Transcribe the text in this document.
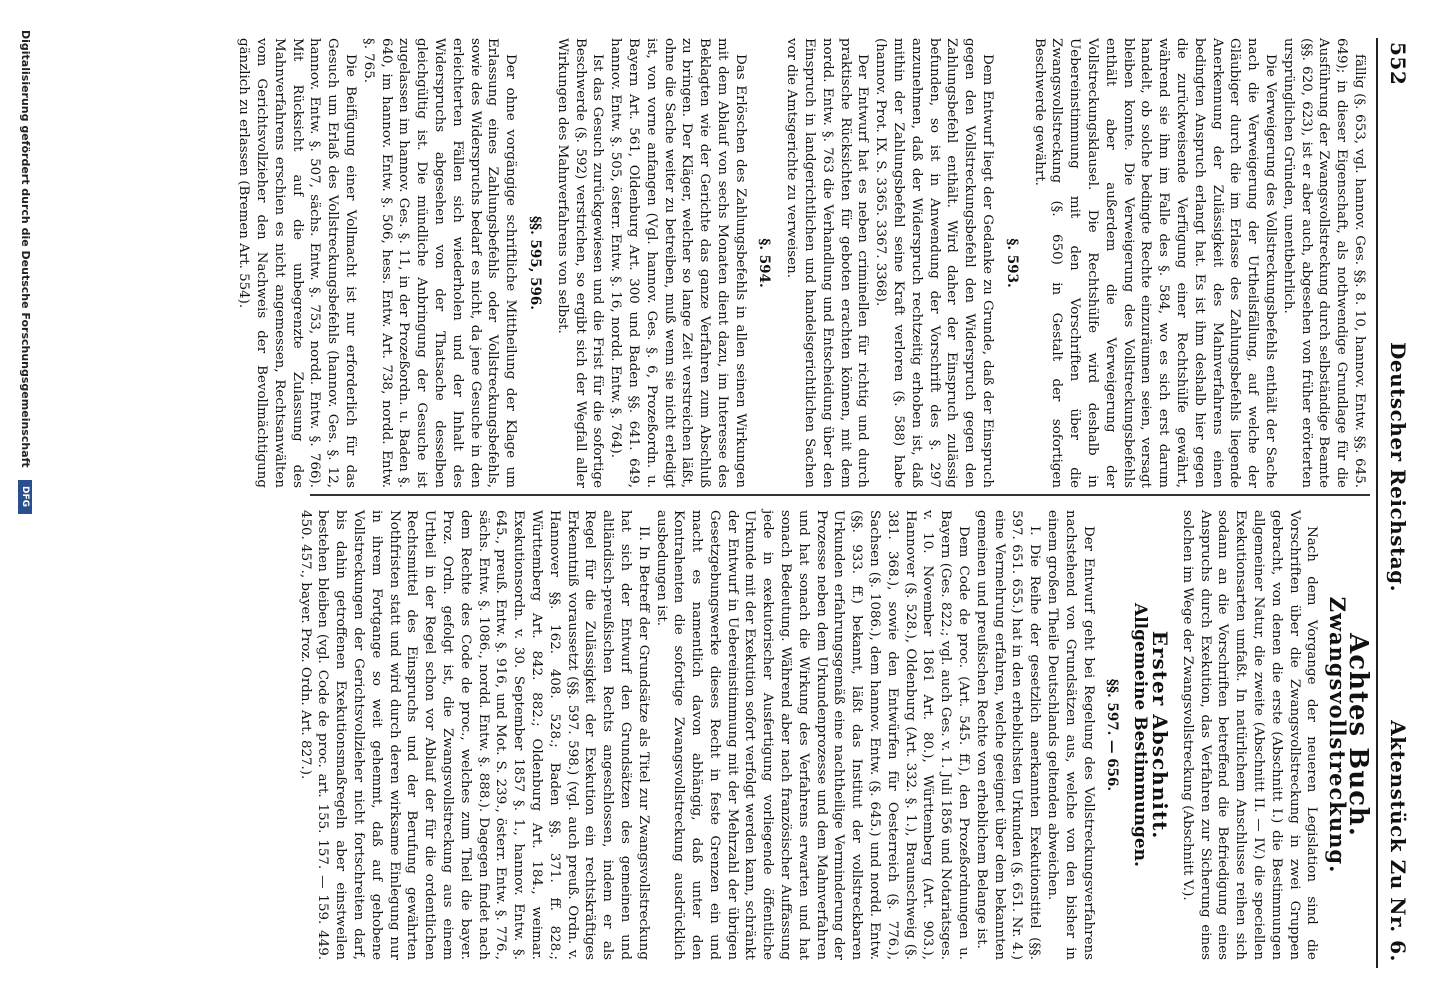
552
Deutscher Reichstag.
Aktenstück Zu Nr. 6.

fällig (§. 653, vgl. hannov. Ges. §§. 8. 10, hannov. Entw. §§. 645. 649); in dieser Eigenschaft, als nothwendige Grundlage für die Ausführung der Zwangsvollstreckung durch selbständige Beamte (§§. 620, 623), ist er aber auch, abgesehen von früher erörterten ursprünglichen Gründen, unentbehrlich.

Die Verweigerung des Vollstreckungsbefehls enthält der Sache nach die Verweigerung der Urtheilsfällung, auf welche der Gläubiger durch die im Erlasse des Zahlungsbefehls liegende Anerkennung der Zulässigkeit des Mahnverfahrens einen bedingten Anspruch erlangt hat. Es ist ihm deshalb hier gegen die zurückweisende Verfügung einer Rechtshülfe gewährt, während sie ihm im Falle des §. 584, wo es sich erst darum handelt, ob solche bedingte Rechte einzuräumen seien, versagt bleiben konnte. Die Verweigerung des Vollstreckungsbefehls enthält aber außerdem die Verweigerung der Vollstreckungsklausel. Die Rechtshülfe wird deshalb in Uebereinstimmung mit den Vorschriften über die Zwangsvollstreckung (§. 650) in Gestalt der sofortigen Beschwerde gewährt.

§. 593.

Dem Entwurf liegt der Gedanke zu Grunde, daß der Einspruch gegen den Vollstreckungsbefehl den Widerspruch gegen den Zahlungsbefehl enthält. Wird daher der Einspruch zulässig befunden, so ist in Anwendung der Vorschrift des §. 297 anzunehmen, daß der Widerspruch rechtzeitig erhoben ist, daß mithin der Zahlungsbefehl seine Kraft verloren (§. 588) habe (hannov. Prot. IX. S. 3365. 3367. 3368).

Der Entwurf hat es neben criminellen für richtig und durch praktische Rücksichten für geboten erachten können, mit dem nordd. Entw. §. 763 die Verhandlung und Entscheidung über den Einspruch in landgerichtlichen und handelsgerichtlichen Sachen vor die Amtsgerichte zu verweisen.

§. 594.

Das Erlöschen des Zahlungsbefehls in allen seinen Wirkungen mit dem Ablauf von sechs Monaten dient dazu, im Interesse des Beklagten wie der Gerichte das ganze Verfahren zum Abschluß zu bringen. Der Kläger, welcher so lange Zeit verstreichen läßt, ohne die Sache weiter zu betreiben, muß wenn sie nicht erledigt ist, von vorne anfangen (Vgl. hannov. Ges. §. 6, Prozeßordn. u. Bayern Art. 561, Oldenburg Art. 300 und Baden §§. 641. 649, hannov. Entw. §. 505, österr. Entw. §. 16, nordd. Entw. §. 764).

Ist das Gesuch zurückgewiesen und die Frist für die sofortige Beschwerde (§. 592) verstrichen, so ergibt sich der Wegfall aller Wirkungen des Mahnverfahrens von selbst.

§§. 595, 596.

Der ohne vorgängige schriftliche Mittheilung der Klage um Erlassung eines Zahlungsbefehls oder Vollstreckungsbefehls, sowie des Widerspruchs bedarf es nicht, da jene Gesuche in den erleichterten Fällen sich wiederholen und der Inhalt des Widerspruchs abgesehen von der Thatsache desselben gleichgültig ist. Die mündliche Anbringung der Gesuche ist zugelassen im hannov. Ges. §. 11, in der Prozeßordn. u. Baden §. 640, im hannov. Entw. §. 506, hess. Entw. Art. 738, nordd. Entw. §. 765.

Die Beifügung einer Vollmacht ist nur erforderlich für das Gesuch um Erlaß des Vollstreckungsbefehls (hannov. Ges. §. 12, hannov. Entw. §. 507, sächs. Entw. §. 753, nordd. Entw. §. 766). Mit Rücksicht auf die unbegrenzte Zulassung des Mahnverfahrens erschien es nicht angemessen, Rechtsanwälten vom Gerichtsvollzieher den Nachweis der Bevollmächtigung gänzlich zu erlassen (Bremen Art. 554).

Achtes Buch.
Zwangsvollstreckung.

Nach dem Vorgange der neueren Legislation sind die Vorschriften über die Zwangsvollstreckung in zwei Gruppen gebracht, von denen die erste (Abschnitt I.) die Bestimmungen allgemeiner Natur, die zweite (Abschnitt II. — IV.) die speciellen Exekutionsarten umfaßt. In natürlichem Anschlusse reihen sich sodann an die Vorschriften betreffend die Befriedigung eines Anspruchs durch Exekution, das Verfahren zur Sicherung eines solchen im Wege der Zwangsvollstreckung (Abschnitt V.).

Erster Abschnitt.
Allgemeine Bestimmungen.
§§. 597. — 656.

Der Entwurf geht bei Regelung des Vollstreckungsverfahrens nachstehend von Grundsätzen aus, welche von den bisher in einem großen Theile Deutschlands geltenden abweichen.

I. Die Reihe der gesetzlich anerkannten Exekutionstitel (§§. 597. 651. 655.) hat in den erheblichsten Urkunden (§. 651. Nr. 4.) eine Vermehrung erfahren, welche geeignet über dem bekannten gemeinen und preußischen Rechte von erheblichem Belange ist.

Dem Code de proc. (Art. 545. ff.), den Prozeßordnungen u. Bayern (Ges. 822.; vgl. auch Ges. v. 1. Juli 1856 und Notariatsges. v. 10. November 1861 Art. 80.), Württemberg (Art. 903.), Hannover (§. 528.), Oldenburg (Art. 332. §. 1.), Braunschweig (§. 381. 368.), sowie den Entwürfen für Oesterreich (§. 776.), Sachsen (§. 1086.), dem hannov. Entw. (§. 645.) und nordd. Entw. (§§. 933. ff.) bekannt, läßt das Institut der vollstreckbaren Urkunden erfahrungsgemäß eine nachtheilige Verminderung der Prozesse neben dem Urkundenprozesse und dem Mahnverfahren und hat sonach die Wirkung des Verfahrens erwarten und hat sonach Bedeutung. Während aber nach französischer Auffassung jede in exekutorischer Ausfertigung vorliegende öffentliche Urkunde mit der Exekution sofort verfolgt werden kann, schränkt der Entwurf in Uebereinstimmung mit der Mehrzahl der übrigen Gesetzgebungswerke dieses Recht in feste Grenzen ein und macht es namentlich davon abhängig, daß unter den Kontrahenten die sofortige Zwangsvollstreckung ausdrücklich ausbedungen ist.

II. In Betreff der Grundsätze als Titel zur Zwangsvollstreckung hat sich der Entwurf den Grundsätzen des gemeinen und altländisch-preußischen Rechts angeschlossen, indem er als Regel für die Zulässigkeit der Exekution ein rechtskräftiges Erkenntniß voraussetzt (§§. 597. 598.) (vgl. auch preuß. Ordn. v. Hannover §§. 162. 408. 528.; Baden §§. 371. ff. 828.; Württemberg Art. 842. 882.; Oldenburg Art. 184., weimar. Exekutionsordn. v. 30. September 1857 §. 1., hannov. Entw. §. 645., preuß. Entw. §. 916, und Mot. S. 239., österr. Entw. §. 776., sächs. Entw. §. 1086., nordd. Entw. §. 888.). Dagegen findet nach dem Rechte des Code de proc., welches zum Theil die bayer. Proz. Ordn. gefolgt ist, die Zwangsvollstreckung aus einem Urtheil in der Regel schon vor Ablauf der für die ordentlichen Rechtsmittel des Einspruchs und der Berufung gewährten Nothfristen statt und wird durch deren wirksame Einlegung nur in ihrem Fortgange so weit gehemmt, daß auf gehobene Vollstreckungen der Gerichtsvollzieher nicht fortschreiten darf, bis dahin getroffenen Exekutionsmaßregeln aber einstweilen bestehen bleiben (vgl. Code de proc. art. 155. 157. — 159. 449. 450. 457., bayer. Proz. Ordn. Art. 827.).

Digitalisierung gefördert durch die Deutsche Forschungsgemeinschaft DFG
